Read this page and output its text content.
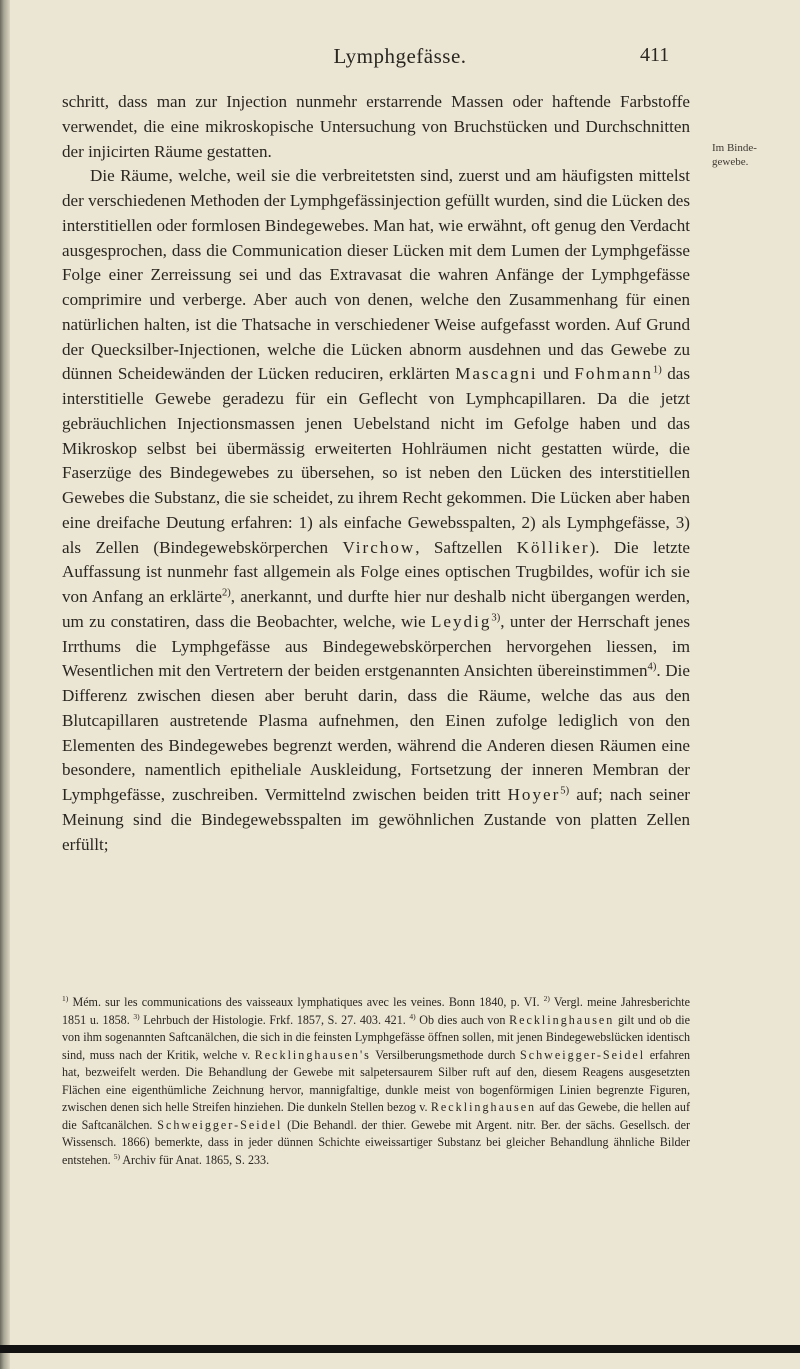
Lymphgefässe.	411
Im Binde- gewebe.

schritt, dass man zur Injection nunmehr erstarrende Massen oder haftende Farbstoffe verwendet, die eine mikroskopische Untersuchung von Bruchstücken und Durchschnitten der injicirten Räume gestatten.

Die Räume, welche, weil sie die verbreitetsten sind, zuerst und am häufigsten mittelst der verschiedenen Methoden der Lymphgefässinjection gefüllt wurden, sind die Lücken des interstitiellen oder formlosen Bindegewebes. Man hat, wie erwähnt, oft genug den Verdacht ausgesprochen, dass die Communication dieser Lücken mit dem Lumen der Lymphgefässe Folge einer Zerreissung sei und das Extravasat die wahren Anfänge der Lymphgefässe comprimire und verberge. Aber auch von denen, welche den Zusammenhang für einen natürlichen halten, ist die Thatsache in verschiedener Weise aufgefasst worden. Auf Grund der Quecksilber-Injectionen, welche die Lücken abnorm ausdehnen und das Gewebe zu dünnen Scheidewänden der Lücken reduciren, erklärten Mascagni und Fohmann$^{1)}$ das interstitielle Gewebe geradezu für ein Geflecht von Lymphcapillaren. Da die jetzt gebräuchlichen Injectionsmassen jenen Uebelstand nicht im Gefolge haben und das Mikroskop selbst bei übermässig erweiterten Hohlräumen nicht gestatten würde, die Faserzüge des Bindegewebes zu übersehen, so ist neben den Lücken des interstitiellen Gewebes die Substanz, die sie scheidet, zu ihrem Recht gekommen. Die Lücken aber haben eine dreifache Deutung erfahren: 1) als einfache Gewebsspalten, 2) als Lymphgefässe, 3) als Zellen (Bindegewebskörperchen Virchow, Saftzellen Kölliker). Die letzte Auffassung ist nunmehr fast allgemein als Folge eines optischen Trugbildes, wofür ich sie von Anfang an erklärte$^{2)}$, anerkannt, und durfte hier nur deshalb nicht übergangen werden, um zu constatiren, dass die Beobachter, welche, wie Leydig$^{3)}$, unter der Herrschaft jenes Irrthums die Lymphgefässe aus Bindegewebskörperchen hervorgehen liessen, im Wesentlichen mit den Vertretern der beiden erstgenannten Ansichten übereinstimmen$^{4)}$. Die Differenz zwischen diesen aber beruht darin, dass die Räume, welche das aus den Blutcapillaren austretende Plasma aufnehmen, den Einen zufolge lediglich von den Elementen des Bindegewebes begrenzt werden, während die Anderen diesen Räumen eine besondere, namentlich epitheliale Auskleidung, Fortsetzung der inneren Membran der Lymphgefässe, zuschreiben. Vermittelnd zwischen beiden tritt Hoyer$^{5)}$ auf; nach seiner Meinung sind die Bindegewebsspalten im gewöhnlichen Zustande von platten Zellen erfüllt;

$^{1)}$ Mém. sur les communications des vaisseaux lymphatiques avec les veines. Bonn 1840, p. VI. $^{2)}$ Vergl. meine Jahresberichte 1851 u. 1858. $^{3)}$ Lehrbuch der Histologie. Frkf. 1857, S. 27. 403. 421. $^{4)}$ Ob dies auch von Recklinghausen gilt und ob die von ihm sogenannten Saftcanälchen, die sich in die feinsten Lymphgefässe öffnen sollen, mit jenen Bindegewebslücken identisch sind, muss nach der Kritik, welche v. Recklinghausen's Versilberungsmethode durch Schweigger-Seidel erfahren hat, bezweifelt werden. Die Behandlung der Gewebe mit salpetersaurem Silber ruft auf den, diesem Reagens ausgesetzten Flächen eine eigenthümliche Zeichnung hervor, mannigfaltige, dunkle meist von bogenförmigen Linien begrenzte Figuren, zwischen denen sich helle Streifen hinziehen. Die dunkeln Stellen bezog v. Recklinghausen auf das Gewebe, die hellen auf die Saftcanälchen. Schweigger-Seidel (Die Behandl. der thier. Gewebe mit Argent. nitr. Ber. der sächs. Gesellsch. der Wissensch. 1866) bemerkte, dass in jeder dünnen Schichte eiweissartiger Substanz bei gleicher Behandlung ähnliche Bilder entstehen. $^{5)}$ Archiv für Anat. 1865, S. 233.
